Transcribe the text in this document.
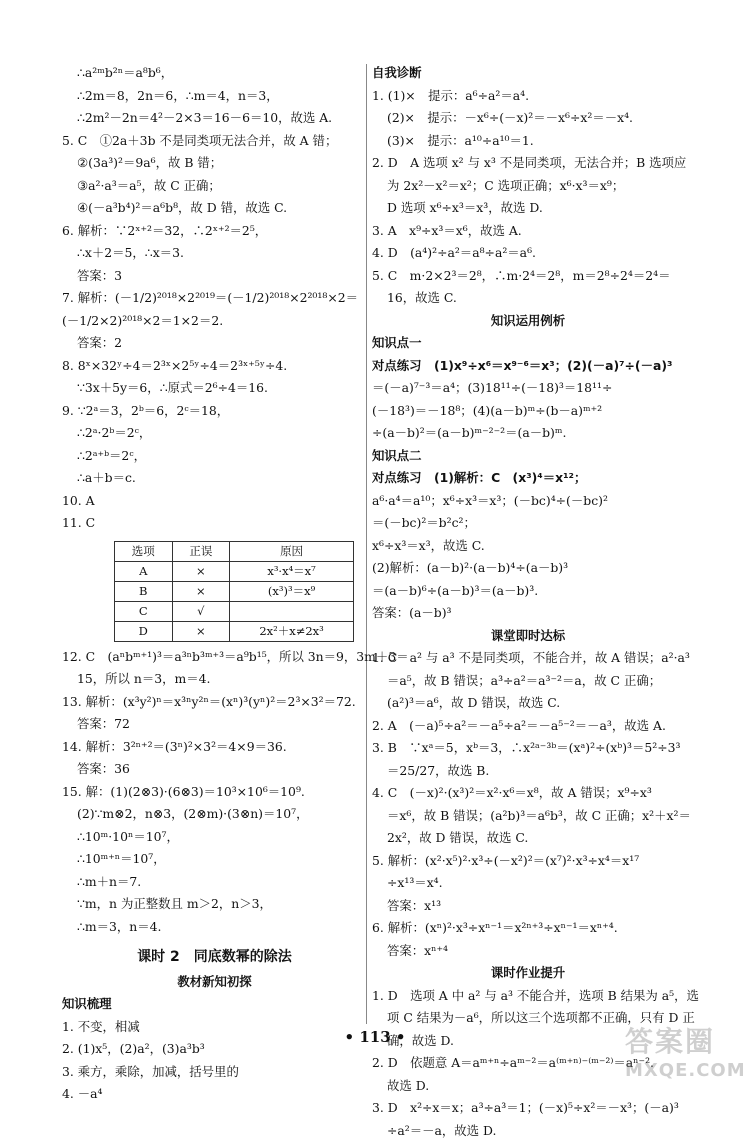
∴a²ᵐb²ⁿ＝a⁸b⁶，
∴2m＝8，2n＝6，∴m＝4，n＝3，
∴2m²－2n＝4²－2×3＝16－6＝10，故选 A.
5. C　①2a＋3b 不是同类项无法合并，故 A 错；
②(3a³)²＝9a⁶，故 B 错；
③a²·a³＝a⁵，故 C 正确；
④(－a³b⁴)²＝a⁶b⁸，故 D 错，故选 C.
6. 解析：∵2ˣ⁺²＝32，∴2ˣ⁺²＝2⁵，
∴x＋2＝5，∴x＝3.
答案：3
7. 解析：(－1/2)²⁰¹⁸×2²⁰¹⁹＝(－1/2)²⁰¹⁸×2²⁰¹⁸×2＝
(－1/2×2)²⁰¹⁸×2＝1×2＝2.
答案：2
8. 8ˣ×32ʸ÷4＝2³ˣ×2⁵ʸ÷4＝2³ˣ⁺⁵ʸ÷4.
∵3x＋5y＝6，∴原式＝2⁶÷4＝16.
9. ∵2ᵃ＝3，2ᵇ＝6，2ᶜ＝18，
∴2ᵃ·2ᵇ＝2ᶜ，
∴2ᵃ⁺ᵇ＝2ᶜ，
∴a＋b＝c.
10. A
11. C
选项	正误	原因
A	×	x³·x⁴＝x⁷
B	×	(x³)³＝x⁹
C	√	
D	×	2x²＋x≠2x³
12. C　(aⁿbᵐ⁺¹)³＝a³ⁿb³ᵐ⁺³＝a⁹b¹⁵，所以 3n＝9，3m＋3＝
15，所以 n＝3，m＝4.
13. 解析：(x³y²)ⁿ＝x³ⁿy²ⁿ＝(xⁿ)³(yⁿ)²＝2³×3²＝72.
答案：72
14. 解析：3²ⁿ⁺²＝(3ⁿ)²×3²＝4×9＝36.
答案：36
15. 解：(1)(2⊗3)·(6⊗3)＝10³×10⁶＝10⁹.
(2)∵m⊗2，n⊗3，(2⊗m)·(3⊗n)＝10⁷，
∴10ᵐ·10ⁿ＝10⁷，
∴10ᵐ⁺ⁿ＝10⁷，
∴m＋n＝7.
∵m，n 为正整数且 m＞2，n＞3，
∴m＝3，n＝4.
课时 2　同底数幂的除法
教材新知初探
知识梳理
1. 不变，相减
2. (1)x⁵，(2)a²，(3)a³b³
3. 乘方，乘除，加减，括号里的
4. －a⁴
自我诊断
1. (1)×　提示：a⁶÷a²＝a⁴.
(2)×　提示：－x⁶÷(－x)²＝－x⁶÷x²＝－x⁴.
(3)×　提示：a¹⁰÷a¹⁰＝1.
2. D　A 选项 x² 与 x³ 不是同类项，无法合并；B 选项应
为 2x²－x²＝x²；C 选项正确；x⁶·x³＝x⁹；
D 选项 x⁶÷x³＝x³，故选 D.
3. A　x⁹÷x³＝x⁶，故选 A.
4. D　(a⁴)²÷a²＝a⁸÷a²＝a⁶.
5. C　m·2×2³＝2⁸，∴m·2⁴＝2⁸，m＝2⁸÷2⁴＝2⁴＝
16，故选 C.
知识运用例析
知识点一
对点练习　(1)x⁹÷x⁶＝x⁹⁻⁶＝x³；(2)(－a)⁷÷(－a)³
＝(－a)⁷⁻³＝a⁴；(3)18¹¹÷(－18)³＝18¹¹÷
(－18³)＝－18⁸；(4)(a－b)ᵐ÷(b－a)ᵐ⁺²
÷(a－b)²＝(a－b)ᵐ⁻²⁻²＝(a－b)ᵐ.
知识点二
对点练习　(1)解析：C　(x³)⁴＝x¹²；
a⁶·a⁴＝a¹⁰；x⁶÷x³＝x³；(－bc)⁴÷(－bc)²
＝(－bc)²＝b²c²；
x⁶÷x³＝x³，故选 C.
(2)解析：(a－b)²·(a－b)⁴÷(a－b)³
＝(a－b)⁶÷(a－b)³＝(a－b)³.
答案：(a－b)³
课堂即时达标
1. C　a² 与 a³ 不是同类项，不能合并，故 A 错误；a²·a³
＝a⁵，故 B 错误；a³÷a²＝a³⁻²＝a，故 C 正确；
(a²)³＝a⁶，故 D 错误，故选 C.
2. A　(－a)⁵÷a²＝－a⁵÷a²＝－a⁵⁻²＝－a³，故选 A.
3. B　∵xᵃ＝5，xᵇ＝3，∴x²ᵃ⁻³ᵇ＝(xᵃ)²÷(xᵇ)³＝5²÷3³
＝25/27，故选 B.
4. C　(－x)²·(x³)²＝x²·x⁶＝x⁸，故 A 错误；x⁹÷x³
＝x⁶，故 B 错误；(a²b)³＝a⁶b³，故 C 正确；x²＋x²＝
2x²，故 D 错误，故选 C.
5. 解析：(x²·x⁵)²·x³÷(－x²)²＝(x⁷)²·x³÷x⁴＝x¹⁷
÷x¹³＝x⁴.
答案：x¹³
6. 解析：(xⁿ)²·x³÷xⁿ⁻¹＝x²ⁿ⁺³÷xⁿ⁻¹＝xⁿ⁺⁴.
答案：xⁿ⁺⁴
课时作业提升
1. D　选项 A 中 a² 与 a³ 不能合并，选项 B 结果为 a⁵，选
项 C 结果为－a⁶，所以这三个选项都不正确，只有 D 正
确，故选 D.
2. D　依题意 A＝aᵐ⁺ⁿ÷aᵐ⁻²＝a⁽ᵐ⁺ⁿ⁾⁻⁽ᵐ⁻²⁾＝aⁿ⁻².
故选 D.
3. D　x²÷x＝x；a³÷a³＝1；(－x)⁵÷x²＝－x³；(－a)³
÷a²＝－a，故选 D.
• 113 •	答案圈
MXQE.COM
